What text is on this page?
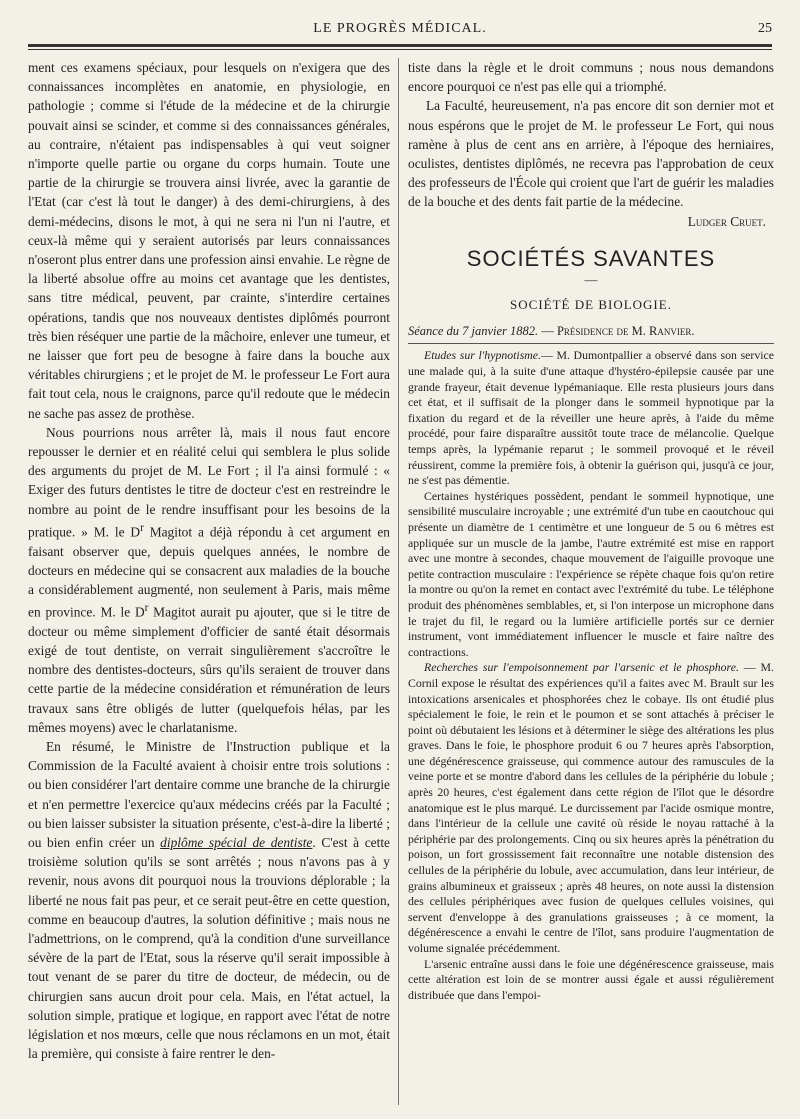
LE PROGRÈS MÉDICAL.	25

ment ces examens spéciaux, pour lesquels on n'exigera que des connaissances incomplètes en anatomie, en physiologie, en pathologie ; comme si l'étude de la médecine et de la chirurgie pouvait ainsi se scinder, et comme si des connaissances générales, au contraire, n'étaient pas indispensables à qui veut soigner n'importe quelle partie ou organe du corps humain. Toute une partie de la chirurgie se trouvera ainsi livrée, avec la garantie de l'Etat (car c'est là tout le danger) à des demi-chirurgiens, à des demi-médecins, disons le mot, à qui ne sera ni l'un ni l'autre, et ceux-là même qui y seraient autorisés par leurs connaissances n'oseront plus entrer dans une profession ainsi envahie. Le règne de la liberté absolue offre au moins cet avantage que les dentistes, sans titre médical, peuvent, par crainte, s'interdire certaines opérations, tandis que nos nouveaux dentistes diplômés pourront très bien réséquer une partie de la mâchoire, enlever une tumeur, et ne laisser que fort peu de besogne à faire dans la bouche aux véritables chirurgiens ; et le projet de M. le professeur Le Fort aura fait tout cela, nous le craignons, parce qu'il redoute que le médecin ne sache pas assez de prothèse.

Nous pourrions nous arrêter là, mais il nous faut encore repousser le dernier et en réalité celui qui semblera le plus solide des arguments du projet de M. Le Fort ; il l'a ainsi formulé : « Exiger des futurs dentistes le titre de docteur c'est en restreindre le nombre au point de le rendre insuffisant pour les besoins de la pratique. » M. le $D^r$ Magitot a déjà répondu à cet argument en faisant observer que, depuis quelques années, le nombre de docteurs en médecine qui se consacrent aux maladies de la bouche a considérablement augmenté, non seulement à Paris, mais même en province. M. le $D^r$ Magitot aurait pu ajouter, que si le titre de docteur ou même simplement d'officier de santé était désormais exigé de tout dentiste, on verrait singulièrement s'accroître le nombre des dentistes-docteurs, sûrs qu'ils seraient de trouver dans cette partie de la médecine considération et rémunération de leurs travaux sans être obligés de lutter (quelquefois hélas, par les mêmes moyens) avec le charlatanisme.

En résumé, le Ministre de l'Instruction publique et la Commission de la Faculté avaient à choisir entre trois solutions : ou bien considérer l'art dentaire comme une branche de la chirurgie et n'en permettre l'exercice qu'aux médecins créés par la Faculté ; ou bien laisser subsister la situation présente, c'est-à-dire la liberté ; ou bien enfin créer un diplôme spécial de dentiste. C'est à cette troisième solution qu'ils se sont arrêtés ; nous n'avons pas à y revenir, nous avons dit pourquoi nous la trouvions déplorable ; la liberté ne nous fait pas peur, et ce serait peut-être en cette question, comme en beaucoup d'autres, la solution définitive ; mais nous ne l'admettrions, on le comprend, qu'à la condition d'une surveillance sévère de la part de l'Etat, sous la réserve qu'il serait impossible à tout venant de se parer du titre de docteur, de médecin, ou de chirurgien sans aucun droit pour cela. Mais, en l'état actuel, la solution simple, pratique et logique, en rapport avec l'état de notre législation et nos mœurs, celle que nous réclamons en un mot, était la première, qui consiste à faire rentrer le den-

tiste dans la règle et le droit communs ; nous nous demandons encore pourquoi ce n'est pas elle qui a triomphé.

La Faculté, heureusement, n'a pas encore dit son dernier mot et nous espérons que le projet de M. le professeur Le Fort, qui nous ramène à plus de cent ans en arrière, à l'époque des herniaires, oculistes, dentistes diplômés, ne recevra pas l'approbation de ceux des professeurs de l'École qui croient que l'art de guérir les maladies de la bouche et des dents fait partie de la médecine.

Ludger Cruet.
SOCIÉTÉS SAVANTES
—
SOCIÉTÉ DE BIOLOGIE.
Séance du 7 janvier 1882. — Présidence de M. Ranvier.

Etudes sur l'hypnotisme.— M. Dumontpallier a observé dans son service une malade qui, à la suite d'une attaque d'hystéro-épilepsie causée par une grande frayeur, était devenue lypémaniaque. Elle resta plusieurs jours dans cet état, et il suffisait de la plonger dans le sommeil hypnotique par la fixation du regard et de la réveiller une heure après, à l'aide du même procédé, pour faire disparaître aussitôt toute trace de mélancolie. Quelque temps après, la lypémanie reparut ; le sommeil provoqué et le réveil réussirent, comme la première fois, à obtenir la guérison qui, jusqu'à ce jour, ne s'est pas démentie.

Certaines hystériques possèdent, pendant le sommeil hypnotique, une sensibilité musculaire incroyable ; une extrémité d'un tube en caoutchouc qui présente un diamètre de 1 centimètre et une longueur de 5 ou 6 mètres est appliquée sur un muscle de la jambe, l'autre extrémité est mise en rapport avec une montre à secondes, chaque mouvement de l'aiguille provoque une petite contraction musculaire : l'expérience se répète chaque fois qu'on retire la montre ou qu'on la remet en contact avec l'extrémité du tube. Le téléphone produit des phénomènes semblables, et, si l'on interpose un microphone dans le trajet du fil, le regard ou la lumière artificielle portés sur ce dernier instrument, vont immédiatement influencer le muscle et faire naître des contractions.

Recherches sur l'empoisonnement par l'arsenic et le phosphore. — M. Cornil expose le résultat des expériences qu'il a faites avec M. Brault sur les intoxications arsenicales et phosphorées chez le cobaye. Ils ont étudié plus spécialement le foie, le rein et le poumon et se sont attachés à préciser le point où débutaient les lésions et à déterminer le siège des altérations les plus graves. Dans le foie, le phosphore produit 6 ou 7 heures après l'absorption, une dégénérescence graisseuse, qui commence autour des ramuscules de la veine porte et se montre d'abord dans les cellules de la périphérie du lobule ; après 20 heures, c'est également dans cette région de l'îlot que le désordre anatomique est le plus marqué. Le durcissement par l'acide osmique montre, dans l'intérieur de la cellule une cavité où réside le noyau rattaché à la périphérie par des prolongements. Cinq ou six heures après la pénétration du poison, un fort grossissement fait reconnaître une notable distension des cellules de la périphérie du lobule, avec accumulation, dans leur intérieur, de grains albumineux et graisseux ; après 48 heures, on note aussi la distension des cellules périphériques avec fusion de quelques cellules voisines, qui servent d'enveloppe à des granulations graisseuses ; à ce moment, la dégénérescence a envahi le centre de l'îlot, sans produire l'augmentation de volume signalée précédemment.

L'arsenic entraîne aussi dans le foie une dégénérescence graisseuse, mais cette altération est loin de se montrer aussi égale et aussi régulièrement distribuée que dans l'empoi-
